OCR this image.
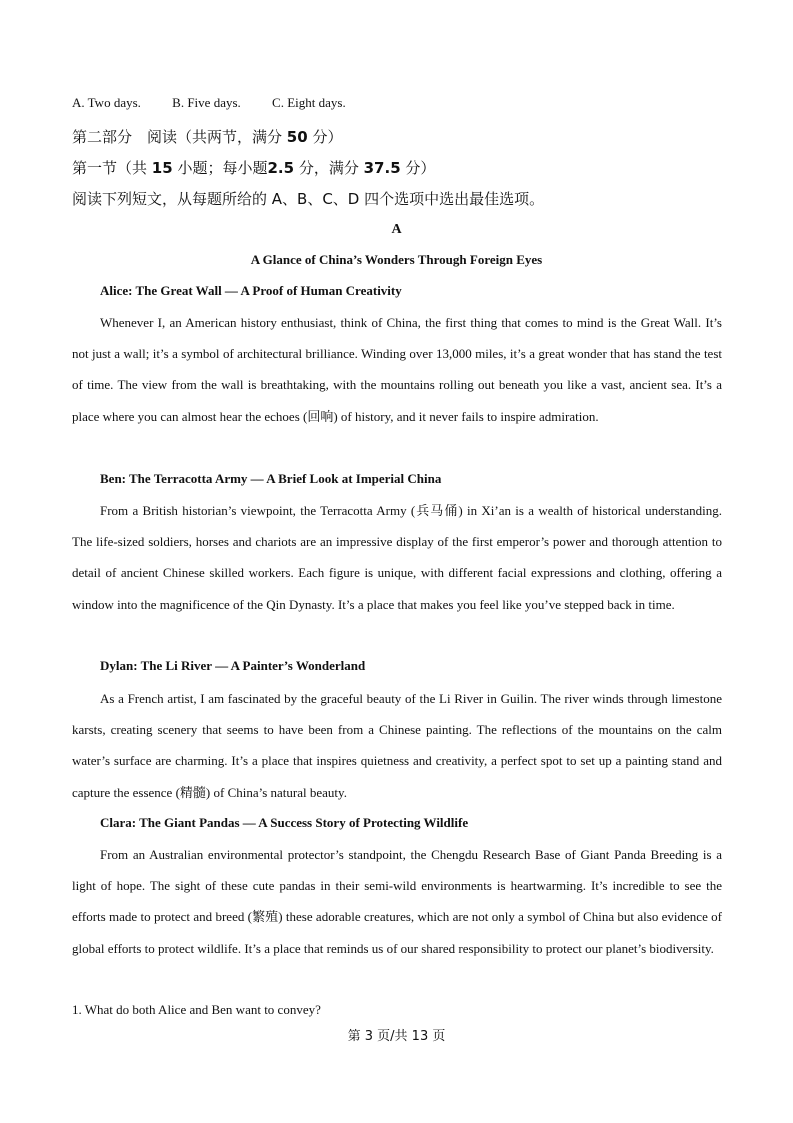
A. Two days. B. Five days. C. Eight days.
第二部分　阅读（共两节，满分 50 分）
第一节（共 15 小题；每小题2.5 分，满分 37.5 分）
阅读下列短文，从每题所给的 A、B、C、D 四个选项中选出最佳选项。
A
A Glance of China’s Wonders Through Foreign Eyes
Alice: The Great Wall — A Proof of Human Creativity

Whenever I, an American history enthusiast, think of China, the first thing that comes to mind is the Great Wall. It’s not just a wall; it’s a symbol of architectural brilliance. Winding over 13,000 miles, it’s a great wonder that has stand the test of time. The view from the wall is breathtaking, with the mountains rolling out beneath you like a vast, ancient sea. It’s a place where you can almost hear the echoes (回响) of history, and it never fails to inspire admiration.

Ben: The Terracotta Army — A Brief Look at Imperial China

From a British historian’s viewpoint, the Terracotta Army (兵马俑) in Xi’an is a wealth of historical understanding. The life-sized soldiers, horses and chariots are an impressive display of the first emperor’s power and thorough attention to detail of ancient Chinese skilled workers. Each figure is unique, with different facial expressions and clothing, offering a window into the magnificence of the Qin Dynasty. It’s a place that makes you feel like you’ve stepped back in time.

Dylan: The Li River — A Painter’s Wonderland

As a French artist, I am fascinated by the graceful beauty of the Li River in Guilin. The river winds through limestone karsts, creating scenery that seems to have been from a Chinese painting. The reflections of the mountains on the calm water’s surface are charming. It’s a place that inspires quietness and creativity, a perfect spot to set up a painting stand and capture the essence (精髓) of China’s natural beauty.

Clara: The Giant Pandas — A Success Story of Protecting Wildlife

From an Australian environmental protector’s standpoint, the Chengdu Research Base of Giant Panda Breeding is a light of hope. The sight of these cute pandas in their semi-wild environments is heartwarming. It’s incredible to see the efforts made to protect and breed (繁殖) these adorable creatures, which are not only a symbol of China but also evidence of global efforts to protect wildlife. It’s a place that reminds us of our shared responsibility to protect our planet’s biodiversity.

1. What do both Alice and Ben want to convey?
第 3 页/共 13 页
